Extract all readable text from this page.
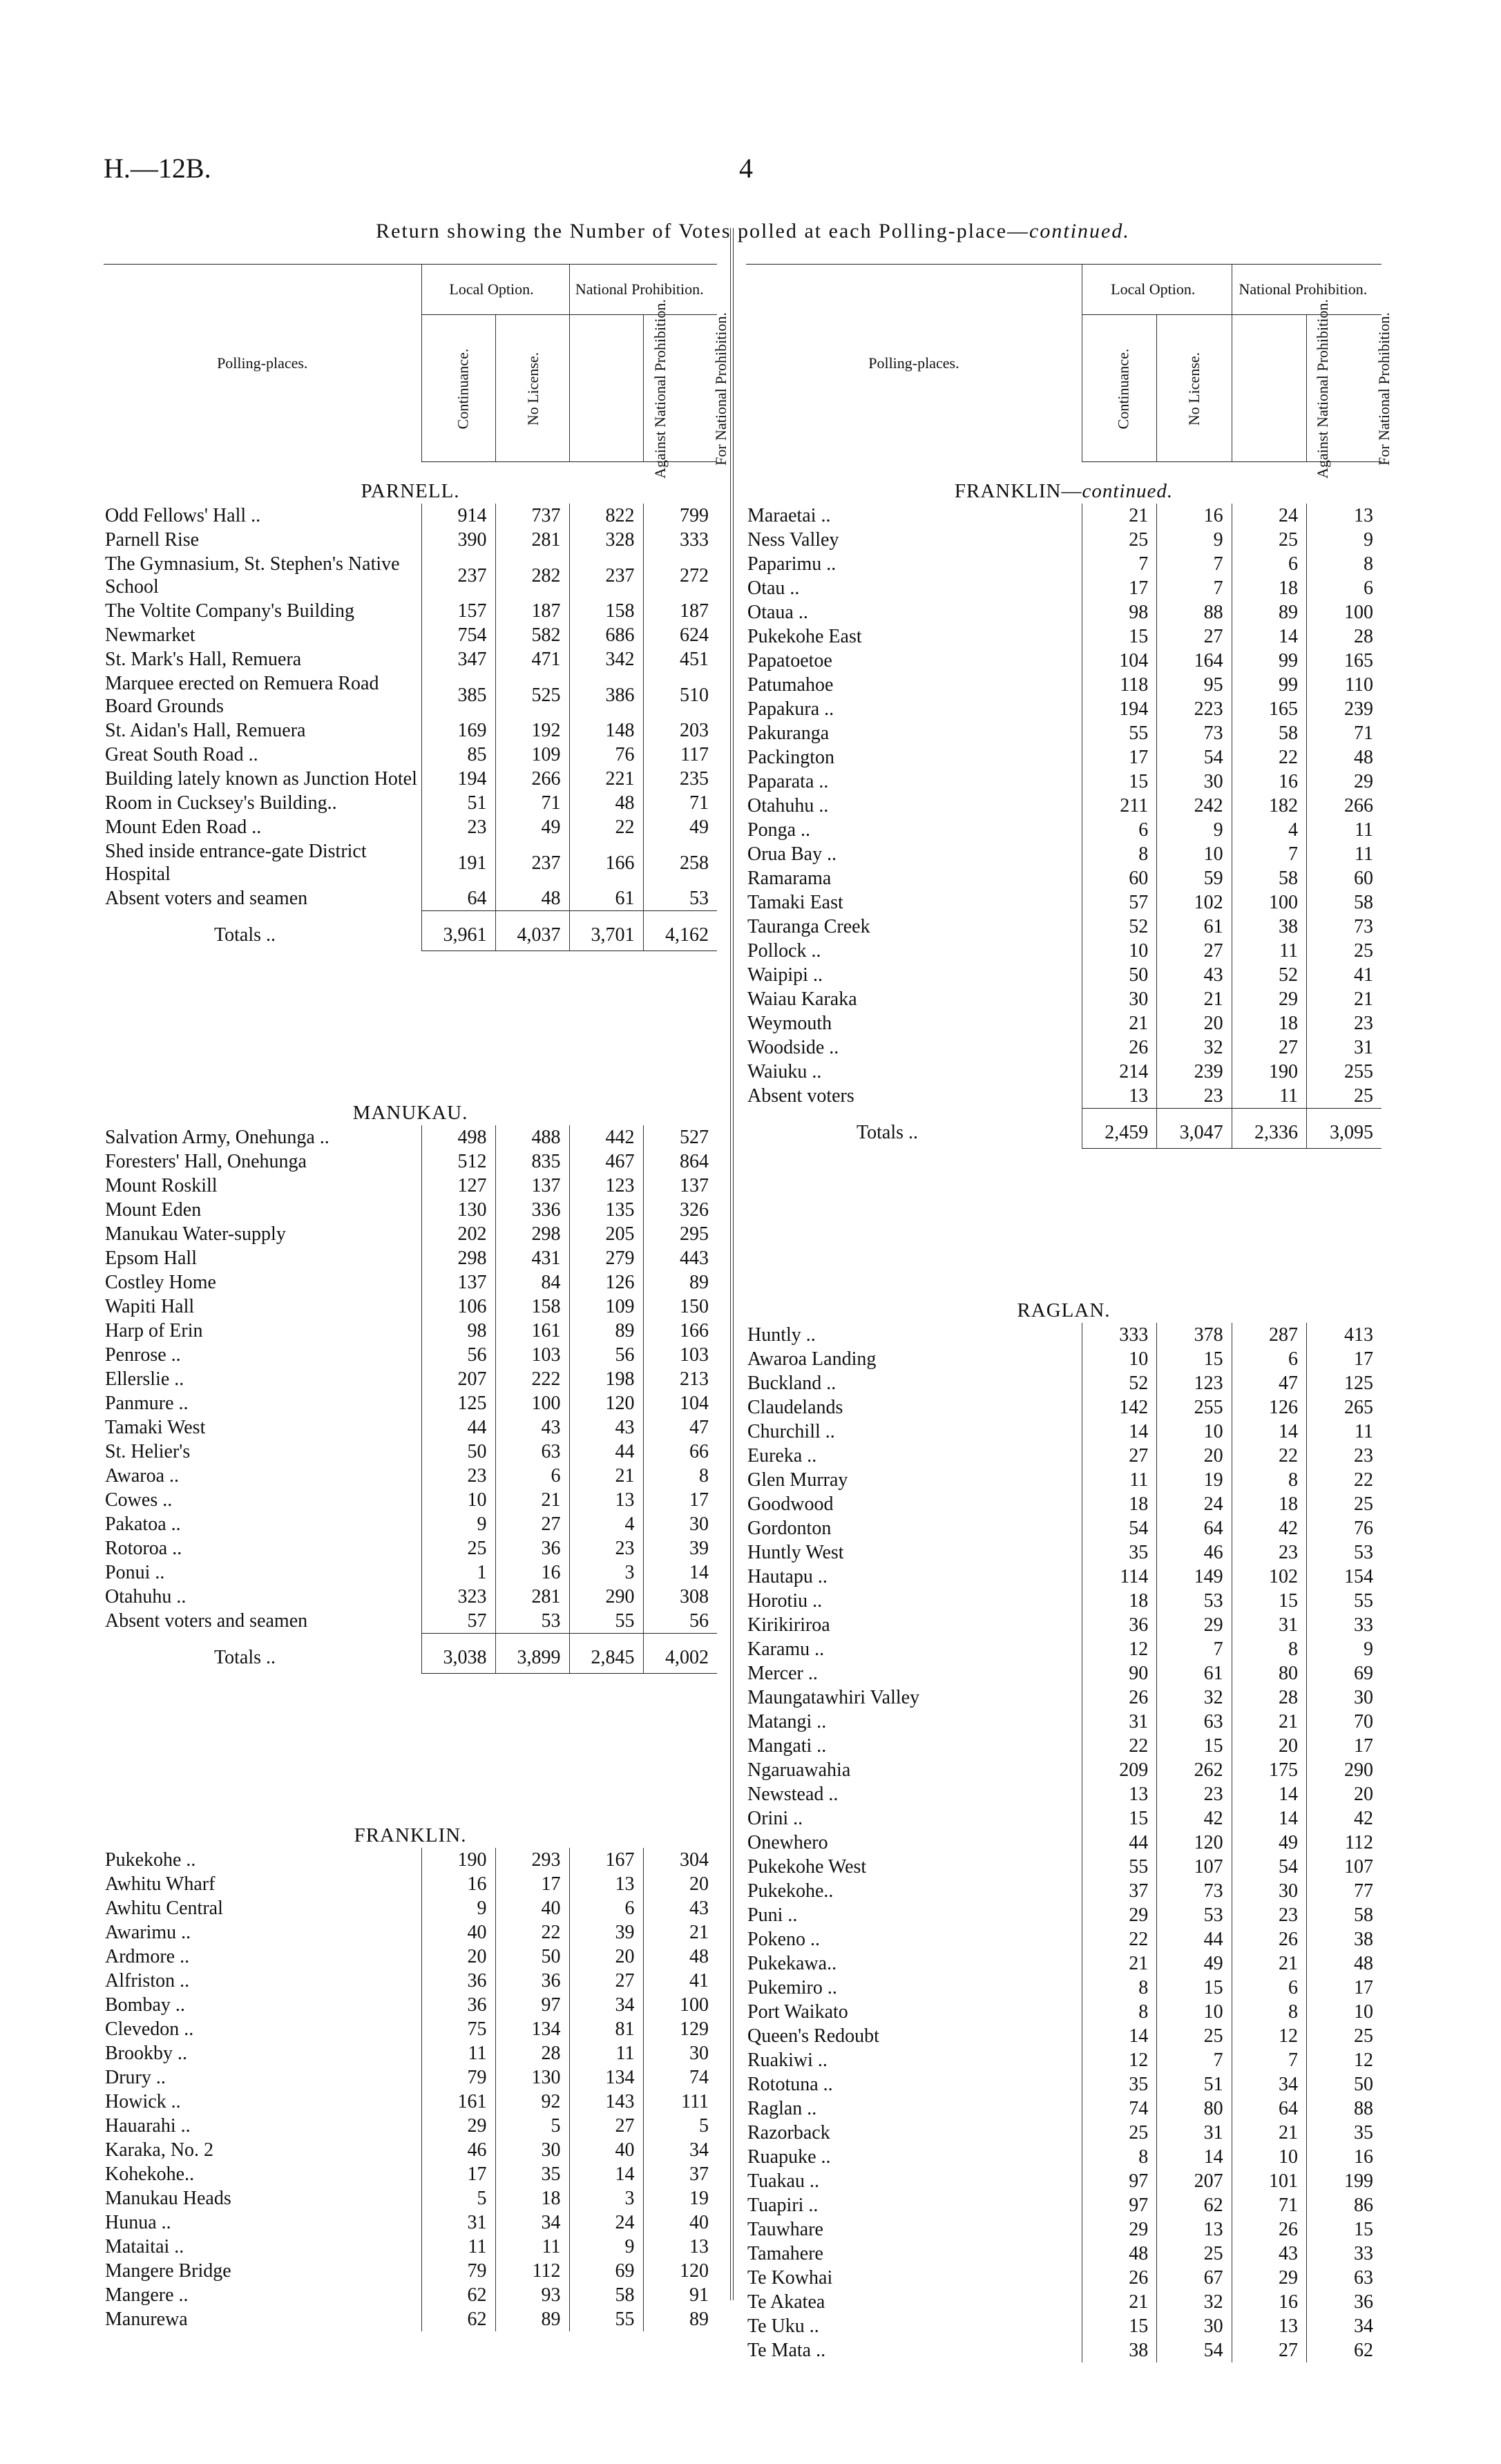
H.—12B.	4
Return showing the Number of Votes polled at each Polling-place—continued.
Polling-places.	Local Option.		National Prohibition.	
	Continuance.	No License.	Against National Prohibition.	For National Prohibition.
PARNELL.				
Odd Fellows' Hall ..	914	737	822	799
Parnell Rise	390	281	328	333
The Gymnasium, St. Stephen's Native School	237	282	237	272
The Voltite Company's Building	157	187	158	187
Newmarket	754	582	686	624
St. Mark's Hall, Remuera	347	471	342	451
Marquee erected on Remuera Road Board Grounds	385	525	386	510
St. Aidan's Hall, Remuera	169	192	148	203
Great South Road ..	85	109	76	117
Building lately known as Junction Hotel	194	266	221	235
Room in Cucksey's Building..	51	71	48	71
Mount Eden Road ..	23	49	22	49
Shed inside entrance-gate District Hospital	191	237	166	258
Absent voters and seamen	64	48	61	53
Totals ..	3,961	4,037	3,701	4,162

MANUKAU.				
Salvation Army, Onehunga ..	498	488	442	527
Foresters' Hall, Onehunga	512	835	467	864
Mount Roskill	127	137	123	137
Mount Eden	130	336	135	326
Manukau Water-supply	202	298	205	295
Epsom Hall	298	431	279	443
Costley Home	137	84	126	89
Wapiti Hall	106	158	109	150
Harp of Erin	98	161	89	166
Penrose ..	56	103	56	103
Ellerslie ..	207	222	198	213
Panmure ..	125	100	120	104
Tamaki West	44	43	43	47
St. Helier's	50	63	44	66
Awaroa ..	23	6	21	8
Cowes ..	10	21	13	17
Pakatoa ..	9	27	4	30
Rotoroa ..	25	36	23	39
Ponui ..	1	16	3	14
Otahuhu ..	323	281	290	308
Absent voters and seamen	57	53	55	56
Totals ..	3,038	3,899	2,845	4,002

FRANKLIN.				
Pukekohe ..	190	293	167	304
Awhitu Wharf	16	17	13	20
Awhitu Central	9	40	6	43
Awarimu ..	40	22	39	21
Ardmore ..	20	50	20	48
Alfriston ..	36	36	27	41
Bombay ..	36	97	34	100
Clevedon ..	75	134	81	129
Brookby ..	11	28	11	30
Drury ..	79	130	134	74
Howick ..	161	92	143	111
Hauarahi ..	29	5	27	5
Karaka, No. 2	46	30	40	34
Kohekohe..	17	35	14	37
Manukau Heads	5	18	3	19
Hunua ..	31	34	24	40
Mataitai ..	11	11	9	13
Mangere Bridge	79	112	69	120
Mangere ..	62	93	58	91
Manurewa	62	89	55	89
Polling-places.	Local Option.		National Prohibition.	
	Continuance.	No License.	Against National Prohibition.	For National Prohibition.
FRANKLIN—continued.				
Maraetai ..	21	16	24	13
Ness Valley	25	9	25	9
Paparimu ..	7	7	6	8
Otau ..	17	7	18	6
Otaua ..	98	88	89	100
Pukekohe East	15	27	14	28
Papatoetoe	104	164	99	165
Patumahoe	118	95	99	110
Papakura ..	194	223	165	239
Pakuranga	55	73	58	71
Packington	17	54	22	48
Paparata ..	15	30	16	29
Otahuhu ..	211	242	182	266
Ponga ..	6	9	4	11
Orua Bay ..	8	10	7	11
Ramarama	60	59	58	60
Tamaki East	57	102	100	58
Tauranga Creek	52	61	38	73
Pollock ..	10	27	11	25
Waipipi ..	50	43	52	41
Waiau Karaka	30	21	29	21
Weymouth	21	20	18	23
Woodside ..	26	32	27	31
Waiuku ..	214	239	190	255
Absent voters	13	23	11	25
Totals ..	2,459	3,047	2,336	3,095

RAGLAN.				
Huntly ..	333	378	287	413
Awaroa Landing	10	15	6	17
Buckland ..	52	123	47	125
Claudelands	142	255	126	265
Churchill ..	14	10	14	11
Eureka ..	27	20	22	23
Glen Murray	11	19	8	22
Goodwood	18	24	18	25
Gordonton	54	64	42	76
Huntly West	35	46	23	53
Hautapu ..	114	149	102	154
Horotiu ..	18	53	15	55
Kirikiriroa	36	29	31	33
Karamu ..	12	7	8	9
Mercer ..	90	61	80	69
Maungatawhiri Valley	26	32	28	30
Matangi ..	31	63	21	70
Mangati ..	22	15	20	17
Ngaruawahia	209	262	175	290
Newstead ..	13	23	14	20
Orini ..	15	42	14	42
Onewhero	44	120	49	112
Pukekohe West	55	107	54	107
Pukekohe..	37	73	30	77
Puni ..	29	53	23	58
Pokeno ..	22	44	26	38
Pukekawa..	21	49	21	48
Pukemiro ..	8	15	6	17
Port Waikato	8	10	8	10
Queen's Redoubt	14	25	12	25
Ruakiwi ..	12	7	7	12
Rototuna ..	35	51	34	50
Raglan ..	74	80	64	88
Razorback	25	31	21	35
Ruapuke ..	8	14	10	16
Tuakau ..	97	207	101	199
Tuapiri ..	97	62	71	86
Tauwhare	29	13	26	15
Tamahere	48	25	43	33
Te Kowhai	26	67	29	63
Te Akatea	21	32	16	36
Te Uku ..	15	30	13	34
Te Mata ..	38	54	27	62
